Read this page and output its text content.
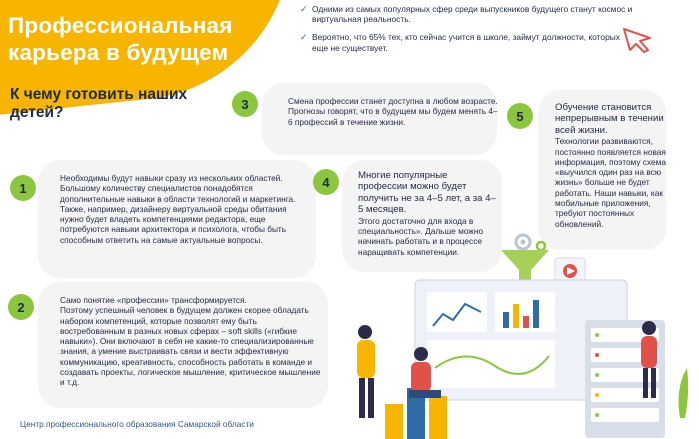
Профессиональная
карьера в будущем
К чему готовить наших детей?
✓ Одними из самых популярных сфер среди выпускников будущего станут космос и виртуальная реальность.
✓ Вероятно, что 65% тех, кто сейчас учится в школе, займут должности, которых еще не существует.
3	Смена профессии станет доступна в любом возрасте.

Прогнозы говорят, что в будущем мы будем менять 4–6 профессий в течение жизни.	5

Обучение становится непрерывным в течении всей жизни.

Технологии развиваются, постоянно появляется новая информация, поэтому схема «выучился один раз на всю жизнь» больше не будет работать. Наши навыки, как мобильные приложения, требуют постоянных обновлений.

1

Необходимы будут навыки сразу из нескольких областей.

Большому количеству специалистов понадобятся дополнительные навыки в области технологий и маркетинга. Также, например, дизайнеру виртуальной среды обитания нужно будет владеть компетенциями редактора, еще потребуются навыки архитектора и психолога, чтобы быть способным ответить на самые актуальные вопросы.

4	Многие популярные профессии можно будет получить не за 4–5 лет, а за 4–5 месяцев.

Этого достаточно для входа в специальность». Дальше можно начинать работать и в процессе наращивать компетенции.

2	Само понятие «профессии» трансформируется.

Поэтому успешный человек в будущем должен скорее обладать набором компетенций, которые позволят ему быть востребованным в разных новых сферах – soft skills («гибкие навыки»). Они включают в себя не какие-то специализированные знания, а умение выстраивать связи и вести эффективную коммуникацию, креативность, способность работать в команде и создавать проекты, логическое мышление, критическое мышление и т.д.

Центр профессионального образования Самарской области
